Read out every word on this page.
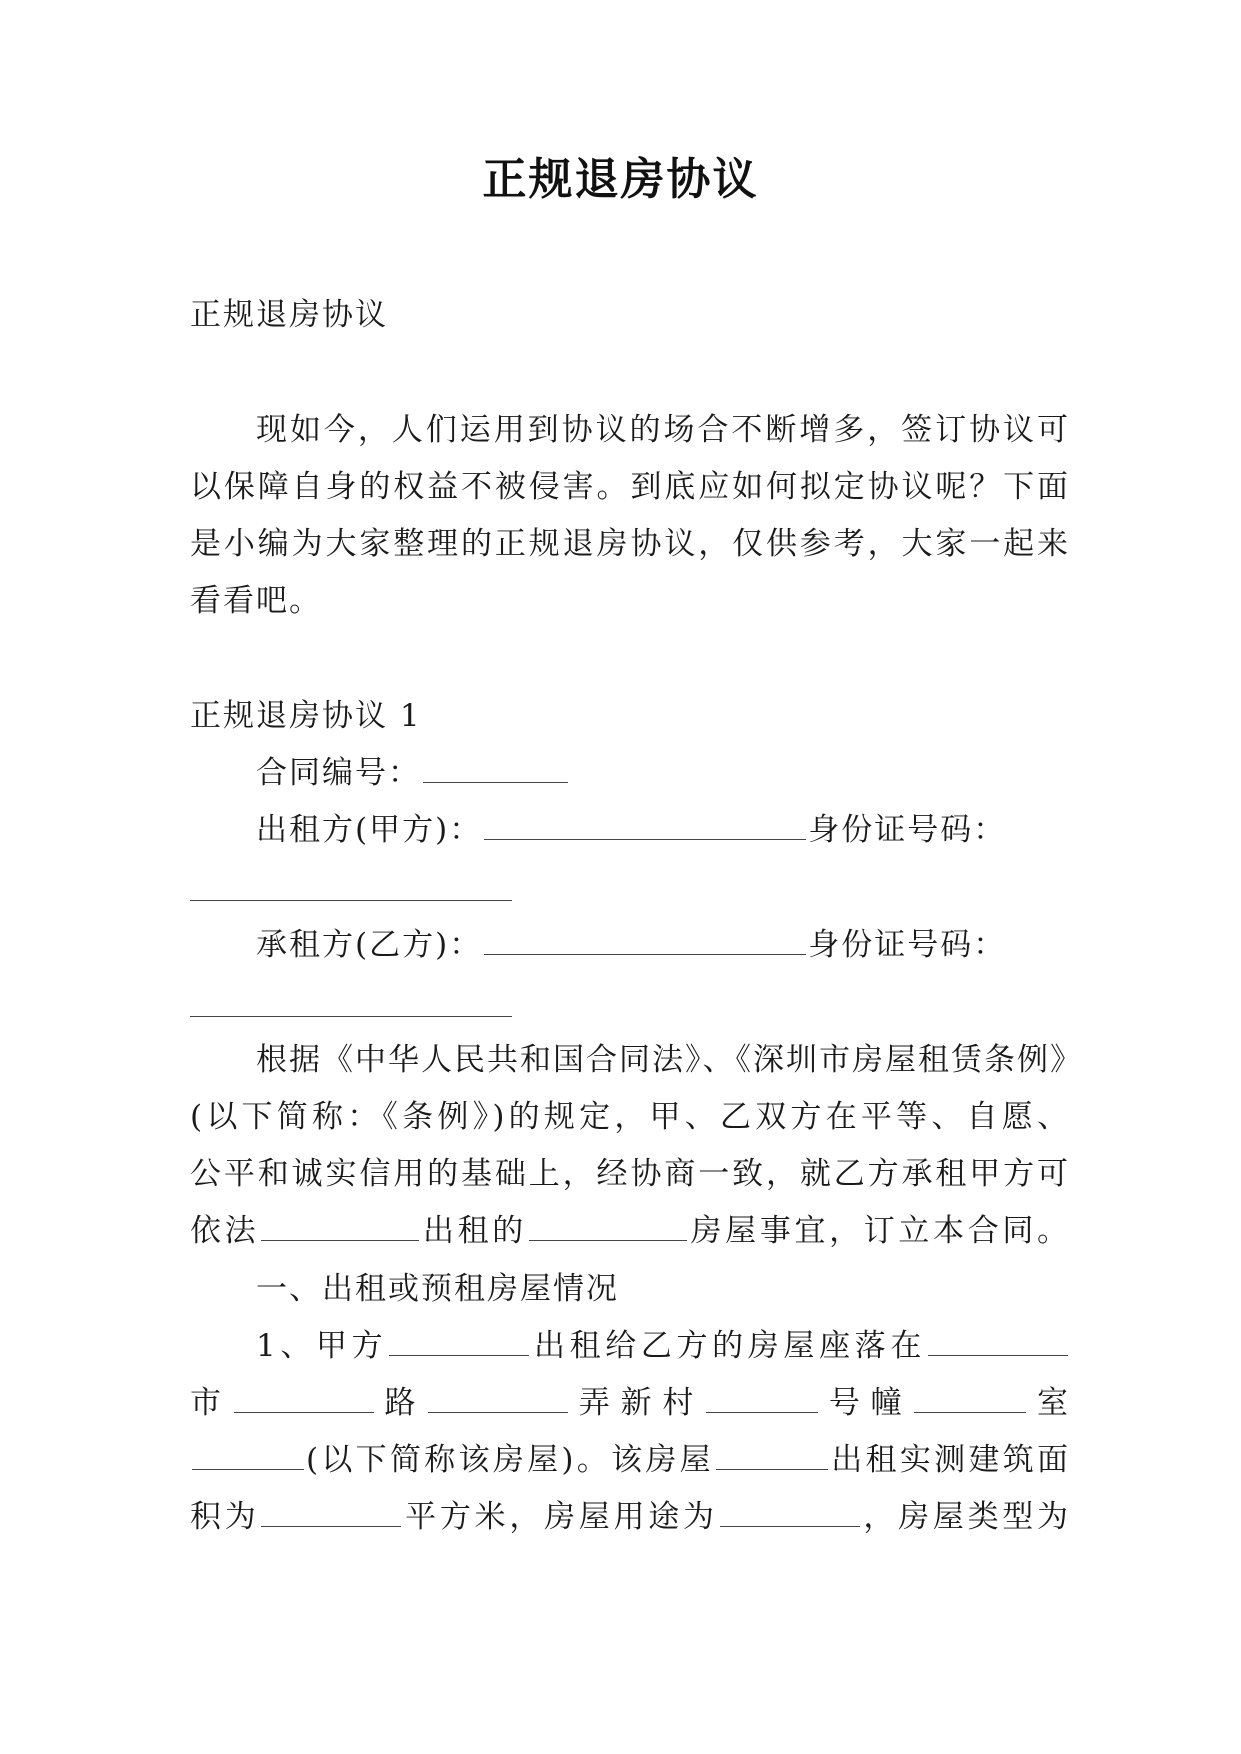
正规退房协议
正规退房协议
现如今，人们运用到协议的场合不断增多，签订协议可
以保障自身的权益不被侵害。到底应如何拟定协议呢？下面
是小编为大家整理的正规退房协议，仅供参考，大家一起来
看看吧。
正规退房协议 1
合同编号：
出租方(甲方)：	身份证号码：
承租方(乙方)：	身份证号码：
根据《中华人民共和国合同法》、《深圳市房屋租赁条例》
(以下简称：《条例》)的规定，甲、乙双方在平等、自愿、
公平和诚实信用的基础上，经协商一致，就乙方承租甲方可
依法	出租的	房屋事宜，订立本合同。
一、出租或预租房屋情况
1、甲方	出租给乙方的房屋座落在
市	路	弄新村	号幢	室
(以下简称该房屋)。该房屋	出租实测建筑面
积为	平方米，房屋用途为	，房屋类型为
